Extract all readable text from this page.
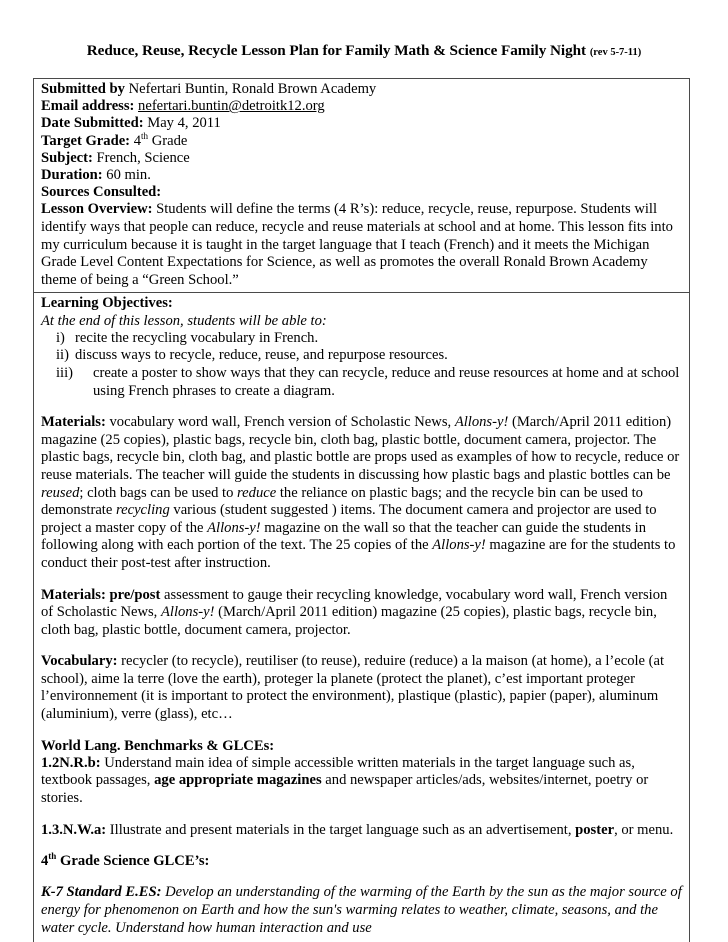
Reduce, Reuse, Recycle Lesson Plan for Family Math & Science Family Night (rev 5-7-11)
Submitted by Nefertari Buntin, Ronald Brown Academy
Email address: nefertari.buntin@detroitk12.org
Date Submitted: May 4, 2011
Target Grade: 4th Grade
Subject: French, Science
Duration: 60 min.
Sources Consulted:

Lesson Overview: Students will define the terms (4 R’s): reduce, recycle, reuse, repurpose. Students will identify ways that people can reduce, recycle and reuse materials at school and at home. This lesson fits into my curriculum because it is taught in the target language that I teach (French) and it meets the Michigan Grade Level Content Expectations for Science, as well as promotes the overall Ronald Brown Academy theme of being a “Green School.”

Learning Objectives:
At the end of this lesson, students will be able to:
i) recite the recycling vocabulary in French.
ii) discuss ways to recycle, reduce, reuse, and repurpose resources.
iii) create a poster to show ways that they can recycle, reduce and reuse resources at home and at school using French phrases to create a diagram.

Materials: vocabulary word wall, French version of Scholastic News, Allons-y! (March/April 2011 edition) magazine (25 copies), plastic bags, recycle bin, cloth bag, plastic bottle, document camera, projector. The plastic bags, recycle bin, cloth bag, and plastic bottle are props used as examples of how to recycle, reduce or reuse materials. The teacher will guide the students in discussing how plastic bags and plastic bottles can be reused; cloth bags can be used to reduce the reliance on plastic bags; and the recycle bin can be used to demonstrate recycling various (student suggested ) items. The document camera and projector are used to project a master copy of the Allons-y! magazine on the wall so that the teacher can guide the students in following along with each portion of the text. The 25 copies of the Allons-y! magazine are for the students to conduct their post-test after instruction.

Materials: pre/post assessment to gauge their recycling knowledge, vocabulary word wall, French version of Scholastic News, Allons-y! (March/April 2011 edition) magazine (25 copies), plastic bags, recycle bin, cloth bag, plastic bottle, document camera, projector.

Vocabulary: recycler (to recycle), reutiliser (to reuse), reduire (reduce) a la maison (at home), a l’ecole (at school), aime la terre (love the earth), proteger la planete (protect the planet), c’est important proteger l’environnement (it is important to protect the environment), plastique (plastic), papier (paper), aluminum (aluminium), verre (glass), etc…

World Lang. Benchmarks & GLCEs:

1.2N.R.b: Understand main idea of simple accessible written materials in the target language such as, textbook passages, age appropriate magazines and newspaper articles/ads, websites/internet, poetry or stories.

1.3.N.W.a: Illustrate and present materials in the target language such as an advertisement, poster, or menu.

4th Grade Science GLCE’s:

K-7 Standard E.ES: Develop an understanding of the warming of the Earth by the sun as the major source of energy for phenomenon on Earth and how the sun's warming relates to weather, climate, seasons, and the water cycle. Understand how human interaction and use
